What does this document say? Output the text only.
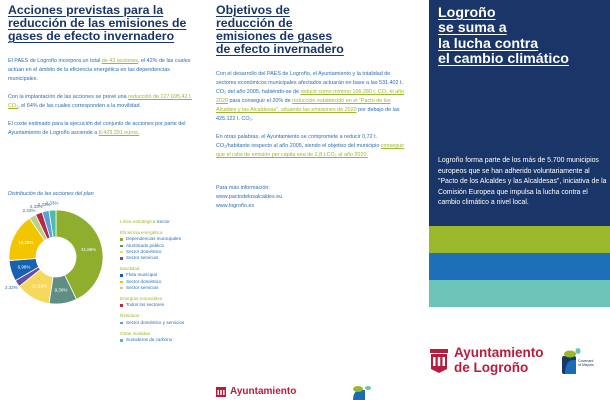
Acciones previstas para la reducción de las emisiones de gases de efecto invernadero
El PAES de Logroño incorpora un total de 43 acciones, el 42% de las cuales actúan en el ámbito de la eficiencia energética en las dependencias municipales.
Con la implantación de las acciones se prevé una reducción de 127.695,42 t. CO₂, el 64% de las cuales corresponden a la movilidad.
El coste estimado para la ejecución del conjunto de acciones por parte del Ayuntamiento de Logroño asciende a 8.423.291 euros.
Distribución de las acciones del plan
41,86%
9,30%
11,63%
2,33%
6,98%
16,28%
2,33%
2,33%
2,33%
2,33%
Línea estratégica Sector
Eficiencia energética
Dependencias municipales
Alumbrado público
Sector doméstico
Sector servicios
Movilidad
Flota municipal
Sector doméstico
Sector servicios
Energías renovables
Todos los sectores
Residuos
Sector doméstico y servicios
Otras medidas
Sumideros de carbono
Objetivos de reducción de emisiones de gases de efecto invernadero
Con el desarrollo del PAES de Logroño, el Ayuntamiento y la totalidad de sectores económicos municipales afectados actuarán en base a las 531.402 t. CO₂ del año 2005, habiéndo-se de reducir como mínimo 106.280 t. CO₂ el año 2020 para conseguir el 20% de reducción establecido en el "Pacto de los Alcaldes y las Alcaldesas", situando las emisiones de 2020 por debajo de las 425.122 t. CO₂.
En otras palabras, el Ayuntamiento se compromete a reducir 0,72 t. CO₂/habitante respecto al año 2005, siendo el objetivo del municipio conseguir que el ratio de emisión per cápita sea de 2,8 t.CO₂ al año 2020.
Para más información:
www.pactodelosalcaldes.eu
www.logroño.es
Ayuntamiento
Logroño
se suma a
la lucha contra
el cambio climático
Logroño forma parte de los más de 5.700 municipios europeos que se han adherido voluntariamente al "Pacto de los Alcaldes y las Alcaldesas", iniciativa de la Comisión Europea que impulsa la lucha contra el cambio climático a nivel local.
Ayuntamiento
de Logroño	Covenant
of Mayors
